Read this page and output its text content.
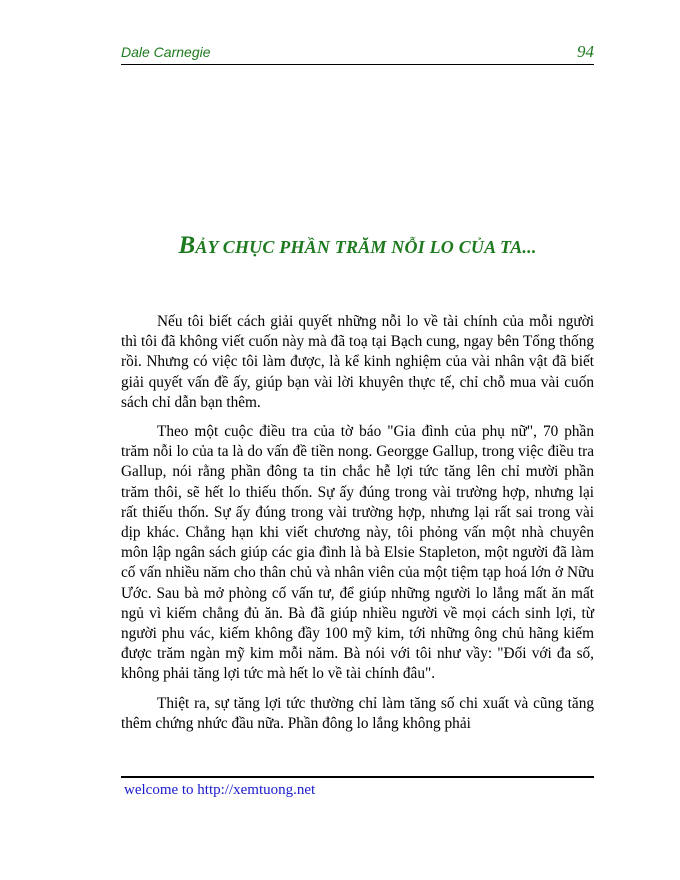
Dale Carnegie	94
BẢY CHỤC PHẦN TRĂM NỖI LO CỦA TA...

Nếu tôi biết cách giải quyết những nỗi lo về tài chính của mỗi người thì tôi đã không viết cuốn này mà đã toạ tại Bạch cung, ngay bên Tổng thống rồi. Nhưng có việc tôi làm được, là kể kinh nghiệm của vài nhân vật đã biết giải quyết vấn đề ấy, giúp bạn vài lời khuyên thực tế, chỉ chỗ mua vài cuốn sách chỉ dẫn bạn thêm.

Theo một cuộc điều tra của tờ báo "Gia đình của phụ nữ", 70 phần trăm nỗi lo của ta là do vấn đề tiền nong. Georgge Gallup, trong việc điều tra Gallup, nói rằng phần đông ta tin chắc hễ lợi tức tăng lên chỉ mười phần trăm thôi, sẽ hết lo thiếu thốn. Sự ấy đúng trong vài trường hợp, nhưng lại rất thiếu thốn. Sự ấy đúng trong vài trường hợp, nhưng lại rất sai trong vài dịp khác. Chẳng hạn khi viết chương này, tôi phỏng vấn một nhà chuyên môn lập ngân sách giúp các gia đình là bà Elsie Stapleton, một người đã làm cố vấn nhiều năm cho thân chủ và nhân viên của một tiệm tạp hoá lớn ở Nữu Ước. Sau bà mở phòng cố vấn tư, để giúp những người lo lắng mất ăn mất ngủ vì kiếm chẳng đủ ăn. Bà đã giúp nhiều người về mọi cách sinh lợi, từ người phu vác, kiếm không đầy 100 mỹ kim, tới những ông chủ hãng kiếm được trăm ngàn mỹ kim mỗi năm. Bà nói với tôi như vầy: "Đối với đa số, không phải tăng lợi tức mà hết lo về tài chính đâu".

Thiệt ra, sự tăng lợi tức thường chỉ làm tăng số chi xuất và cũng tăng thêm chứng nhức đầu nữa. Phần đông lo lắng không phải

welcome to http://xemtuong.net
